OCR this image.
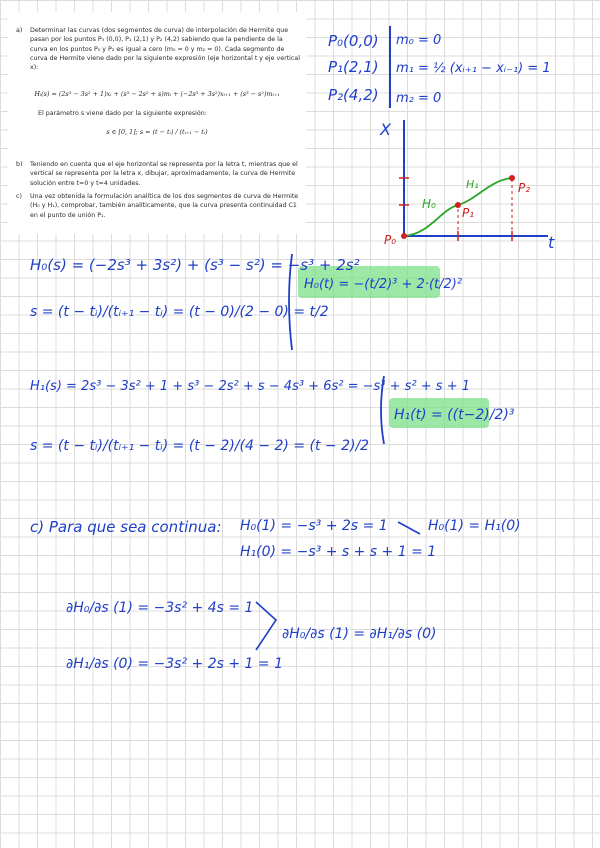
a) Determinar las curvas (dos segmentos de curva) de interpolación de Hermite que pasan por los puntos P₀ (0,0), P₁ (2,1) y P₂ (4,2) sabiendo que la pendiente de la curva en los puntos P₀ y P₂ es igual a cero (m₀ = 0 y m₂ = 0). Cada segmento de curva de Hermite viene dado por la siguiente expresión (eje horizontal t y eje vertical x):
Hᵢ(s) = (2s³ − 3s² + 1)xᵢ + (s³ − 2s² + s)mᵢ + (−2s³ + 3s²)xᵢ₊₁ + (s³ − s²)mᵢ₊₁
El parámetro s viene dado por la siguiente expresión:
s ∈ [0, 1]; s = (t − tᵢ) / (tᵢ₊₁ − tᵢ)
b) Teniendo en cuenta que el eje horizontal se representa por la letra t, mientras que el vertical se representa por la letra x, dibujar, aproximadamente, la curva de Hermite solución entre t=0 y t=4 unidades.
c) Una vez obtenida la formulación analítica de los dos segmentos de curva de Hermite (H₀ y H₁), comprobar, también analíticamente, que la curva presenta continuidad C1 en el punto de unión P₁.
P₀(0,0)
P₁(2,1)
P₂(4,2)
m₀ = 0
m₁ = ½ (xᵢ₊₁ − xᵢ₋₁) = 1
m₂ = 0
X
t
H₀
H₁
P₀
P₁
P₂
H₀(s) = (−2s³ + 3s²) + (s³ − s²) = −s³ + 2s²
H₀(t) = −(t/2)³ + 2·(t/2)²
s = (t − tᵢ)/(tᵢ₊₁ − tᵢ) = (t − 0)/(2 − 0) = t/2
H₁(s) = 2s³ − 3s² + 1 + s³ − 2s² + s − 4s³ + 6s² = −s³ + s² + s + 1
H₁(t) = ((t−2)/2)³
s = (t − tᵢ)/(tᵢ₊₁ − tᵢ) = (t − 2)/(4 − 2) = (t − 2)/2
c) Para que sea continua: H₀(1) = −s³ + 2s = 1
H₁(0) = −s³ + s + s + 1 = 1
H₀(1) = H₁(0)
∂H₀/∂s (1) = −3s² + 4s = 1
∂H₁/∂s (0) = −3s² + 2s + 1 = 1
∂H₀/∂s (1) = ∂H₁/∂s (0)
